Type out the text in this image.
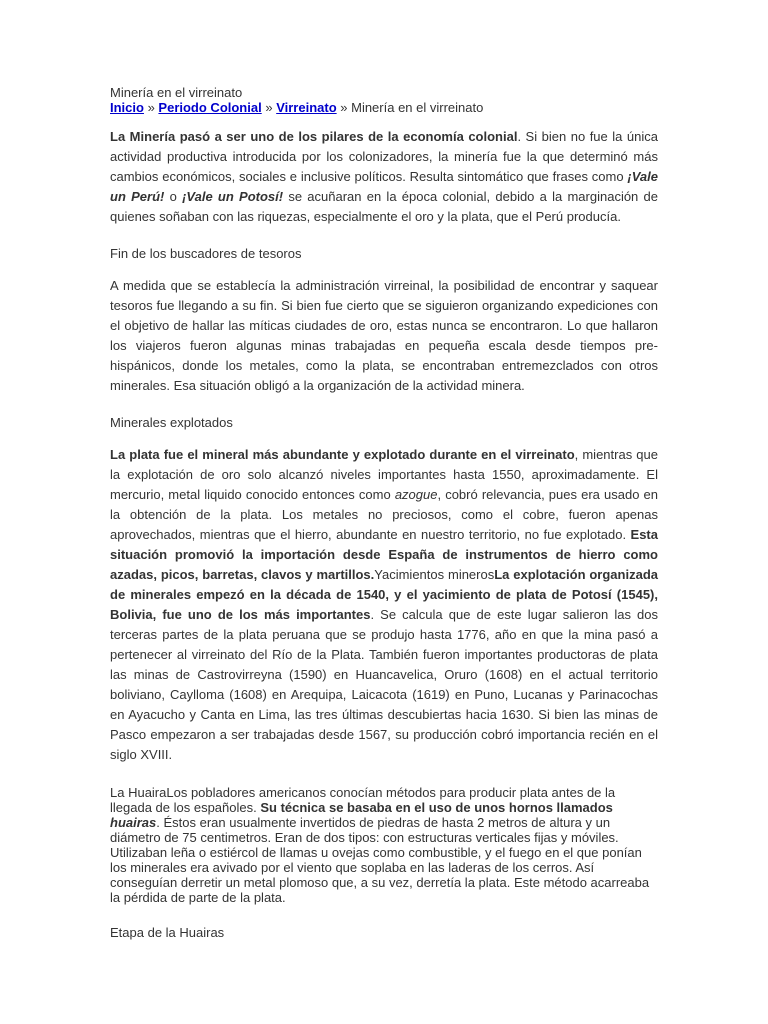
Minería en el virreinato

Inicio » Periodo Colonial » Virreinato » Minería en el virreinato

La Minería pasó a ser uno de los pilares de la economía colonial. Si bien no fue la única actividad productiva introducida por los colonizadores, la minería fue la que determinó más cambios económicos, sociales e inclusive políticos. Resulta sintomático que frases como ¡Vale un Perú! o ¡Vale un Potosí! se acuñaran en la época colonial, debido a la marginación de quienes soñaban con las riquezas, especialmente el oro y la plata, que el Perú producía.

Fin de los buscadores de tesoros

A medida que se establecía la administración virreinal, la posibilidad de encontrar y saquear tesoros fue llegando a su fin. Si bien fue cierto que se siguieron organizando expediciones con el objetivo de hallar las míticas ciudades de oro, estas nunca se encontraron. Lo que hallaron los viajeros fueron algunas minas trabajadas en pequeña escala desde tiempos pre-hispánicos, donde los metales, como la plata, se encontraban entremezclados con otros minerales. Esa situación obligó a la organización de la actividad minera.

Minerales explotados

La plata fue el mineral más abundante y explotado durante en el virreinato, mientras que la explotación de oro solo alcanzó niveles importantes hasta 1550, aproximadamente. El mercurio, metal liquido conocido entonces como azogue, cobró relevancia, pues era usado en la obtención de la plata. Los metales no preciosos, como el cobre, fueron apenas aprovechados, mientras que el hierro, abundante en nuestro territorio, no fue explotado. Esta situación promovió la importación desde España de instrumentos de hierro como azadas, picos, barretas, clavos y martillos.Yacimientos minerosLa explotación organizada de minerales empezó en la década de 1540, y el yacimiento de plata de Potosí (1545), Bolivia, fue uno de los más importantes. Se calcula que de este lugar salieron las dos terceras partes de la plata peruana que se produjo hasta 1776, año en que la mina pasó a pertenecer al virreinato del Río de la Plata. También fueron importantes productoras de plata las minas de Castrovirreyna (1590) en Huancavelica, Oruro (1608) en el actual territorio boliviano, Caylloma (1608) en Arequipa, Laicacota (1619) en Puno, Lucanas y Parinacochas en Ayacucho y Canta en Lima, las tres últimas descubiertas hacia 1630. Si bien las minas de Pasco empezaron a ser trabajadas desde 1567, su producción cobró importancia recién en el siglo XVIII.

La HuairaLos pobladores americanos conocían métodos para producir plata antes de la llegada de los españoles. Su técnica se basaba en el uso de unos hornos llamados huairas. Éstos eran usualmente invertidos de piedras de hasta 2 metros de altura y un diámetro de 75 centimetros. Eran de dos tipos: con estructuras verticales fijas y móviles. Utilizaban leña o estiércol de llamas u ovejas como combustible, y el fuego en el que ponían los minerales era avivado por el viento que soplaba en las laderas de los cerros. Así conseguían derretir un metal plomoso que, a su vez, derretía la plata. Este método acarreaba la pérdida de parte de la plata.

Etapa de la Huairas
